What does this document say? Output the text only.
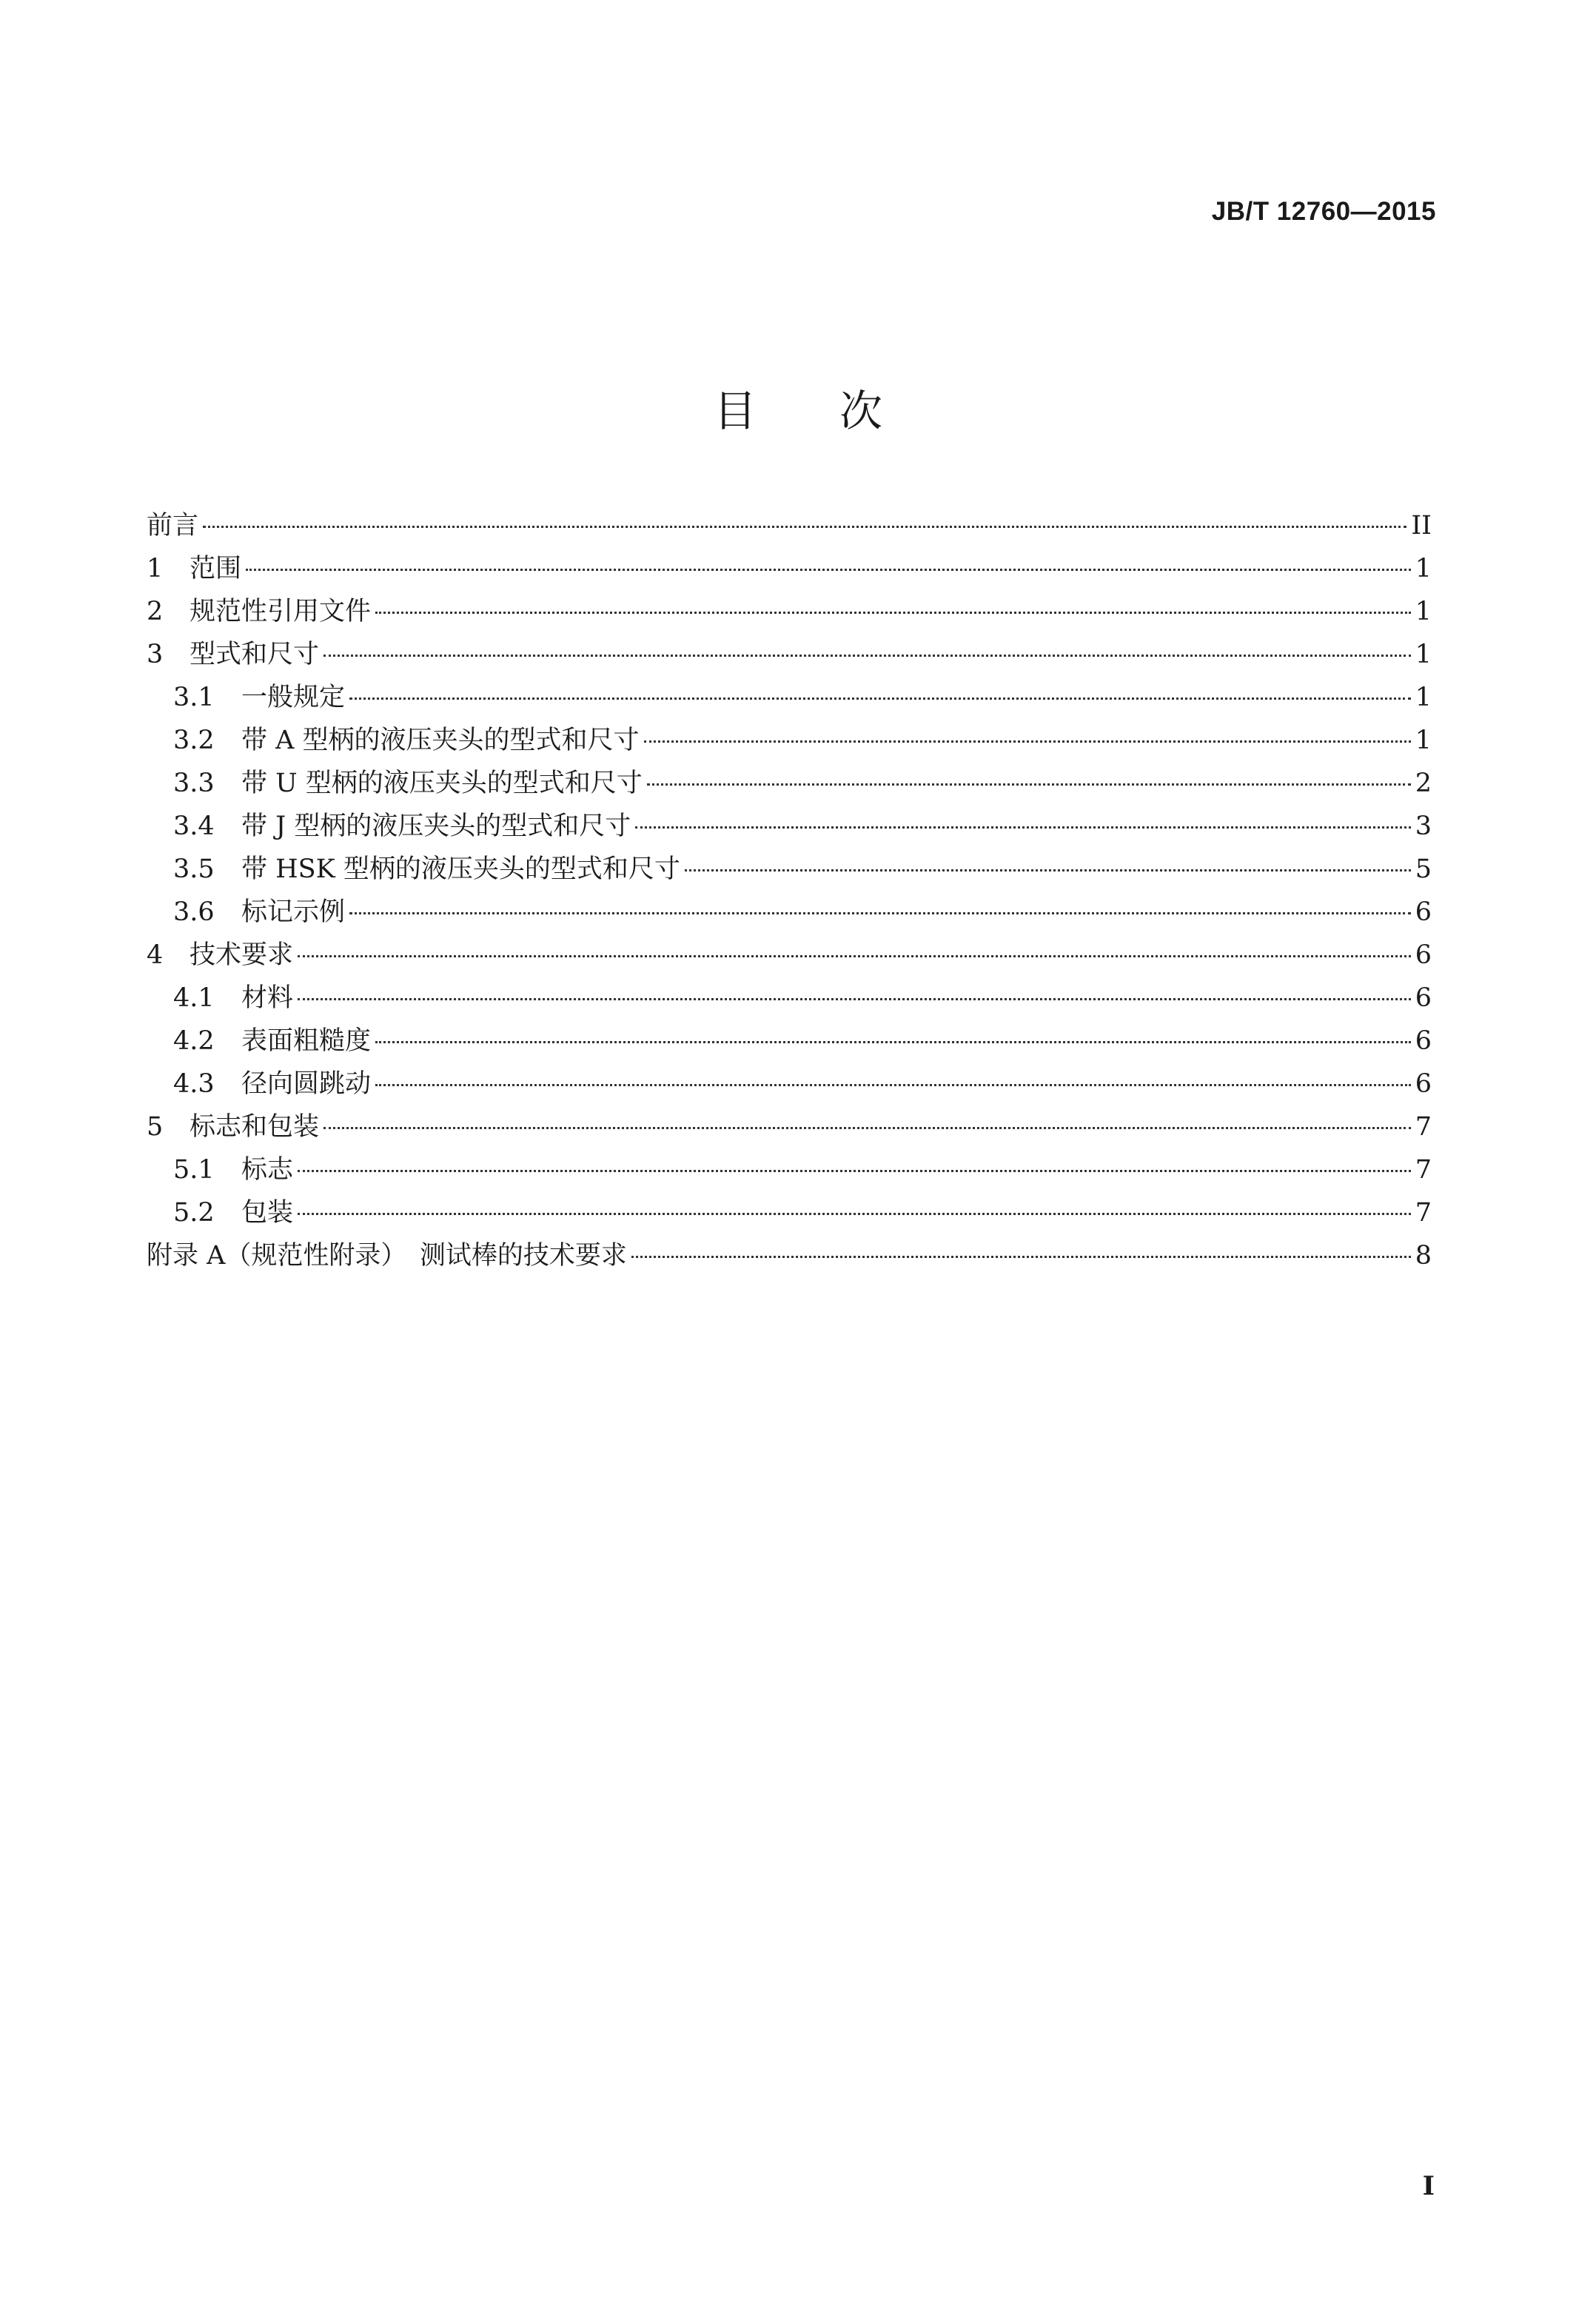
JB/T 12760—2015
目次
前言	II
1	范围	1
2	规范性引用文件	1
3	型式和尺寸	1
3.1	一般规定	1
3.2	带 A 型柄的液压夹头的型式和尺寸	1
3.3	带 U 型柄的液压夹头的型式和尺寸	2
3.4	带 J 型柄的液压夹头的型式和尺寸	3
3.5	带 HSK 型柄的液压夹头的型式和尺寸	5
3.6	标记示例	6
4	技术要求	6
4.1	材料	6
4.2	表面粗糙度	6
4.3	径向圆跳动	6
5	标志和包装	7
5.1	标志	7
5.2	包装	7
附录 A（规范性附录）　测试棒的技术要求	8
I
